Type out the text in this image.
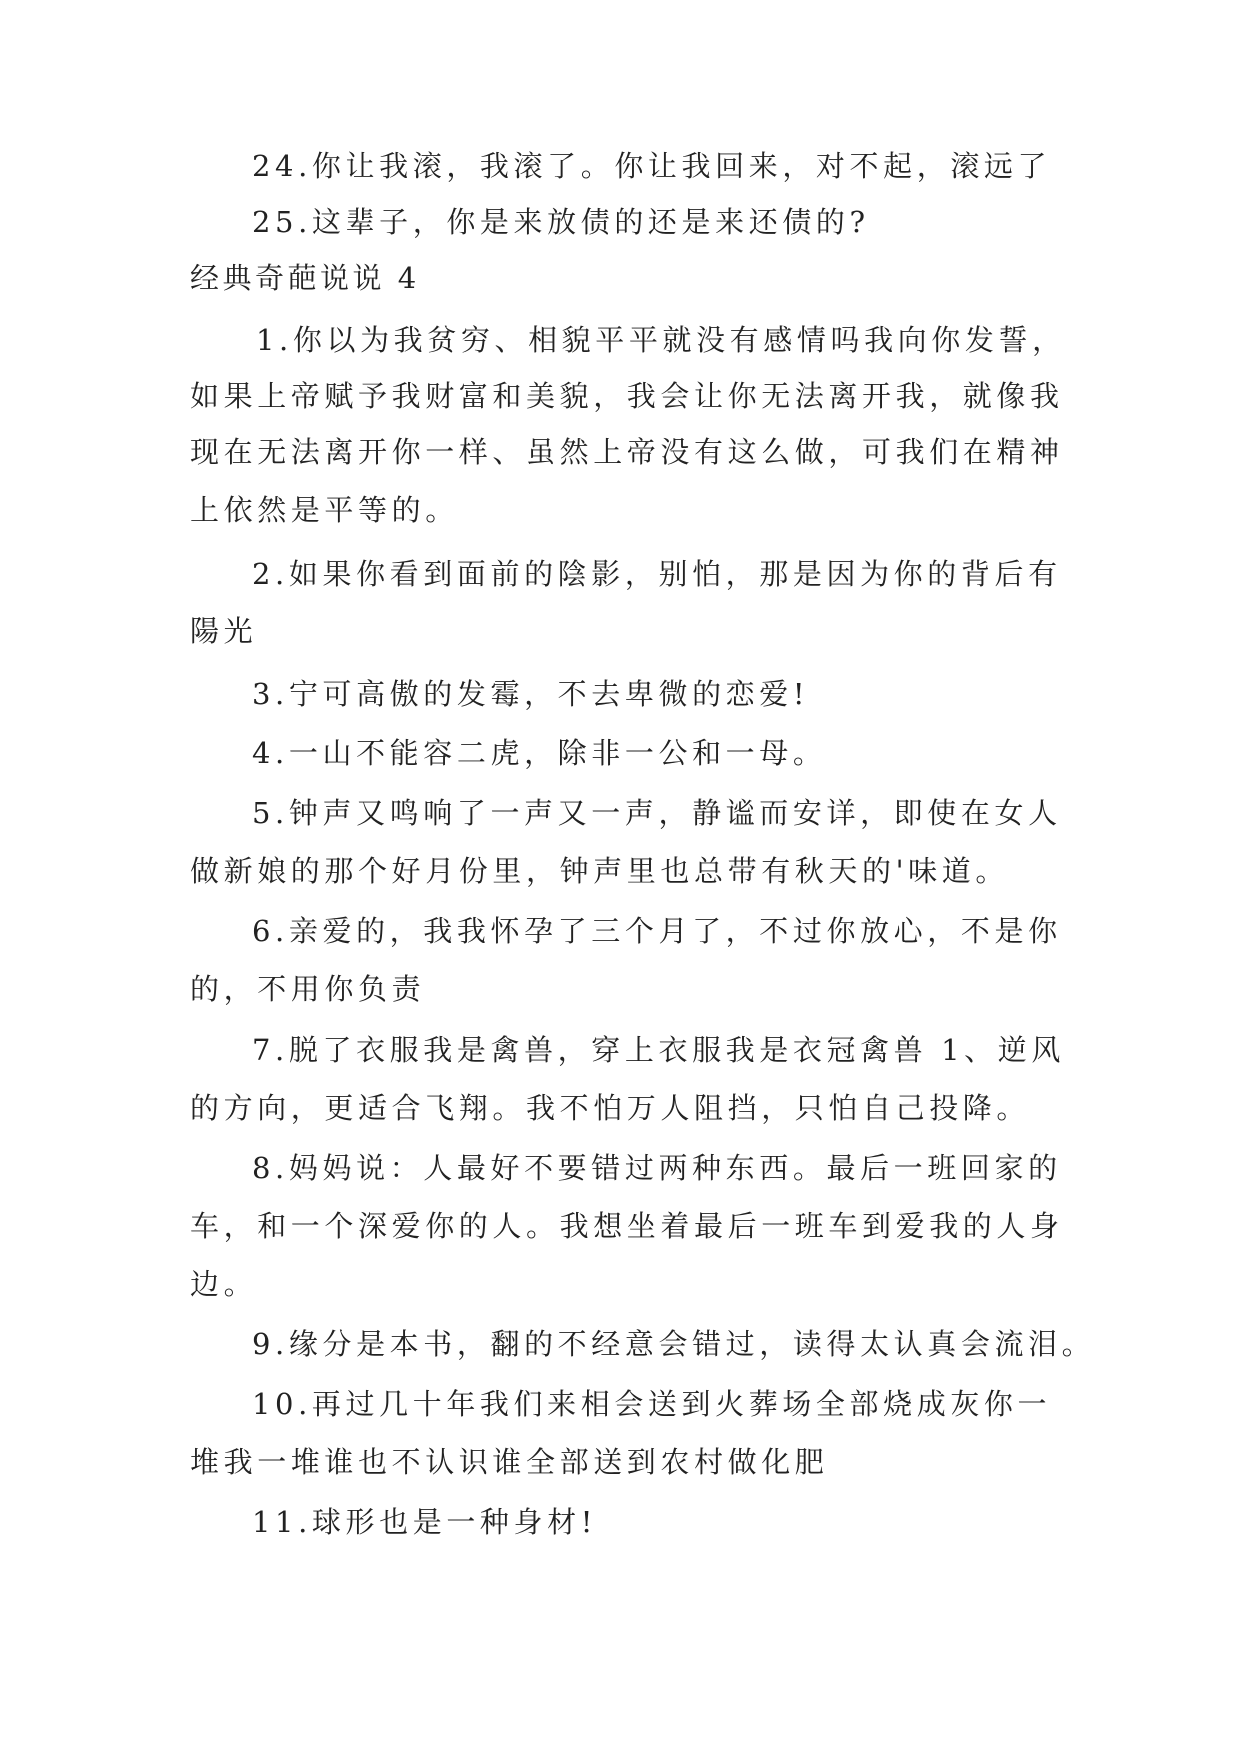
24.你让我滚，我滚了。你让我回来，对不起，滚远了
25.这辈子，你是来放债的还是来还债的?
经典奇葩说说 4
1.你以为我贫穷、相貌平平就没有感情吗我向你发誓，
如果上帝赋予我财富和美貌，我会让你无法离开我，就像我
现在无法离开你一样、虽然上帝没有这么做，可我们在精神
上依然是平等的。
2.如果你看到面前的陰影，别怕，那是因为你的背后有
陽光
3.宁可高傲的发霉，不去卑微的恋爱!
4.一山不能容二虎，除非一公和一母。
5.钟声又鸣响了一声又一声，静谧而安详，即使在女人
做新娘的那个好月份里，钟声里也总带有秋天的'味道。
6.亲爱的，我我怀孕了三个月了，不过你放心，不是你
的，不用你负责
7.脱了衣服我是禽兽，穿上衣服我是衣冠禽兽 1、逆风
的方向，更适合飞翔。我不怕万人阻挡，只怕自己投降。
8.妈妈说：人最好不要错过两种东西。最后一班回家的
车，和一个深爱你的人。我想坐着最后一班车到爱我的人身
边。
9.缘分是本书，翻的不经意会错过，读得太认真会流泪。
10.再过几十年我们来相会送到火葬场全部烧成灰你一
堆我一堆谁也不认识谁全部送到农村做化肥
11.球形也是一种身材!
